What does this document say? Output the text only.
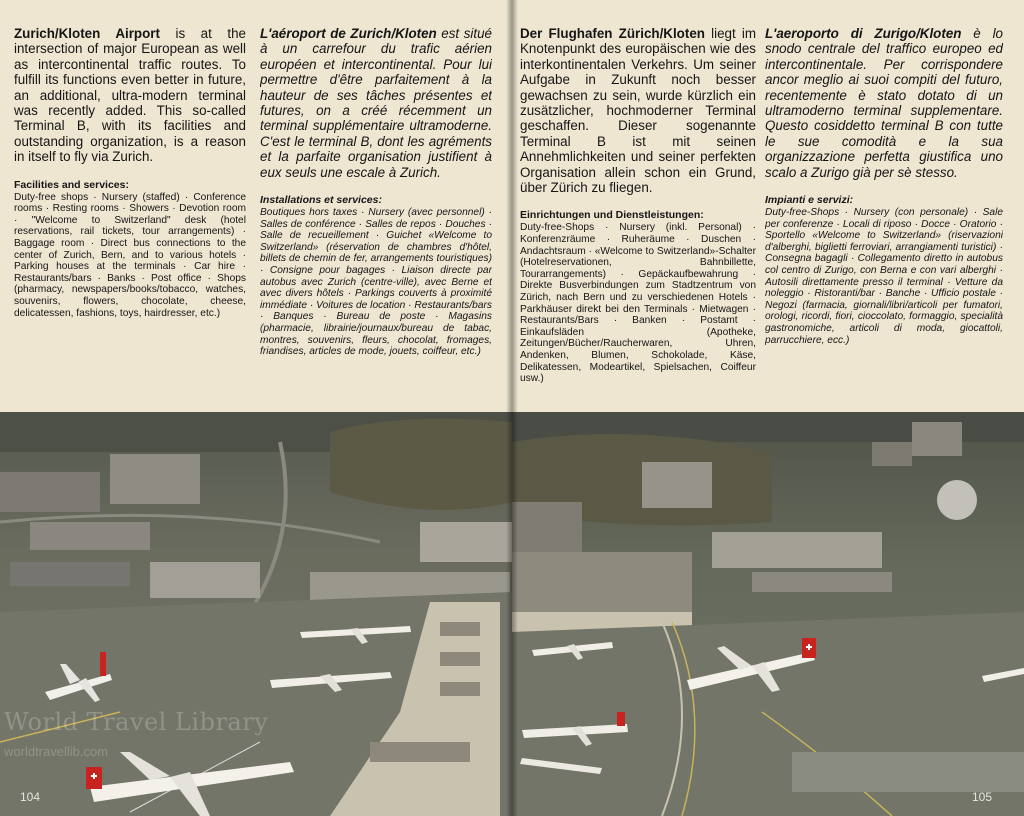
Zurich/Kloten Airport is at the intersection of major European as well as intercontinental traffic routes. To fulfill its functions even better in future, an additional, ultra-modern terminal was recently added. This so-called Terminal B, with its facilities and outstanding organization, is a reason in itself to fly via Zurich.

Facilities and services:

Duty-free shops · Nursery (staffed) · Conference rooms · Resting rooms · Showers · Devotion room · "Welcome to Switzerland" desk (hotel reservations, rail tickets, tour arrangements) · Baggage room · Direct bus connections to the center of Zurich, Bern, and to various hotels · Parking houses at the terminals · Car hire · Restaurants/bars · Banks · Post office · Shops (pharmacy, newspapers/books/tobacco, watches, souvenirs, flowers, chocolate, cheese, delicatessen, fashions, toys, hairdresser, etc.)

L'aéroport de Zurich/Kloten est situé à un carrefour du trafic aérien européen et intercontinental. Pour lui permettre d'être parfaitement à la hauteur de ses tâches présentes et futures, on a créé récemment un terminal supplémentaire ultramoderne. C'est le terminal B, dont les agréments et la parfaite organisation justifient à eux seuls une escale à Zurich.

Installations et services:

Boutiques hors taxes · Nursery (avec personnel) · Salles de conférence · Salles de repos · Douches · Salle de recueillement · Guichet «Welcome to Switzerland» (réservation de chambres d'hôtel, billets de chemin de fer, arrangements touristiques) · Consigne pour bagages · Liaison directe par autobus avec Zurich (centre-ville), avec Berne et avec divers hôtels · Parkings couverts à proximité immédiate · Voitures de location · Restaurants/bars · Banques · Bureau de poste · Magasins (pharmacie, librairie/journaux/bureau de tabac, montres, souvenirs, fleurs, chocolat, fromages, friandises, articles de mode, jouets, coiffeur, etc.)

World Travel Library
worldtravellib.com
104

Der Flughafen Zürich/Kloten liegt im Knotenpunkt des europäischen wie des interkontinentalen Verkehrs. Um seiner Aufgabe in Zukunft noch besser gewachsen zu sein, wurde kürzlich ein zusätzlicher, hochmoderner Terminal geschaffen. Dieser sogenannte Terminal B ist mit seinen Annehmlichkeiten und seiner perfekten Organisation allein schon ein Grund, über Zürich zu fliegen.

Einrichtungen und Dienstleistungen:

Duty-free-Shops · Nursery (inkl. Personal) · Konferenzräume · Ruheräume · Duschen · Andachtsraum · «Welcome to Switzerland»-Schalter (Hotelreservationen, Bahnbillette, Tourarrangements) · Gepäckaufbewahrung · Direkte Busverbindungen zum Stadtzentrum von Zürich, nach Bern und zu verschiedenen Hotels · Parkhäuser direkt bei den Terminals · Mietwagen · Restaurants/Bars · Banken · Postamt · Einkaufsläden (Apotheke, Zeitungen/Bücher/Raucherwaren, Uhren, Andenken, Blumen, Schokolade, Käse, Delikatessen, Modeartikel, Spielsachen, Coiffeur usw.)

L'aeroporto di Zurigo/Kloten è lo snodo centrale del traffico europeo ed intercontinentale. Per corrispondere ancor meglio ai suoi compiti del futuro, recentemente è stato dotato di un ultramoderno terminal supplementare. Questo cosiddetto terminal B con tutte le sue comodità e la sua organizzazione perfetta giustifica uno scalo a Zurigo già per sè stesso.

Impianti e servizi:

Duty-free-Shops · Nursery (con personale) · Sale per conferenze · Locali di riposo · Docce · Oratorio · Sportello «Welcome to Switzerland» (riservazioni d'alberghi, biglietti ferroviari, arrangiamenti turistici) · Consegna bagagli · Collegamento diretto in autobus col centro di Zurigo, con Berna e con vari alberghi · Autosili direttamente presso il terminal · Vetture da noleggio · Ristoranti/bar · Banche · Ufficio postale · Negozi (farmacia, giornali/libri/articoli per fumatori, orologi, ricordi, fiori, cioccolato, formaggio, specialità gastronomiche, articoli di moda, giocattoli, parrucchiere, ecc.)

105
